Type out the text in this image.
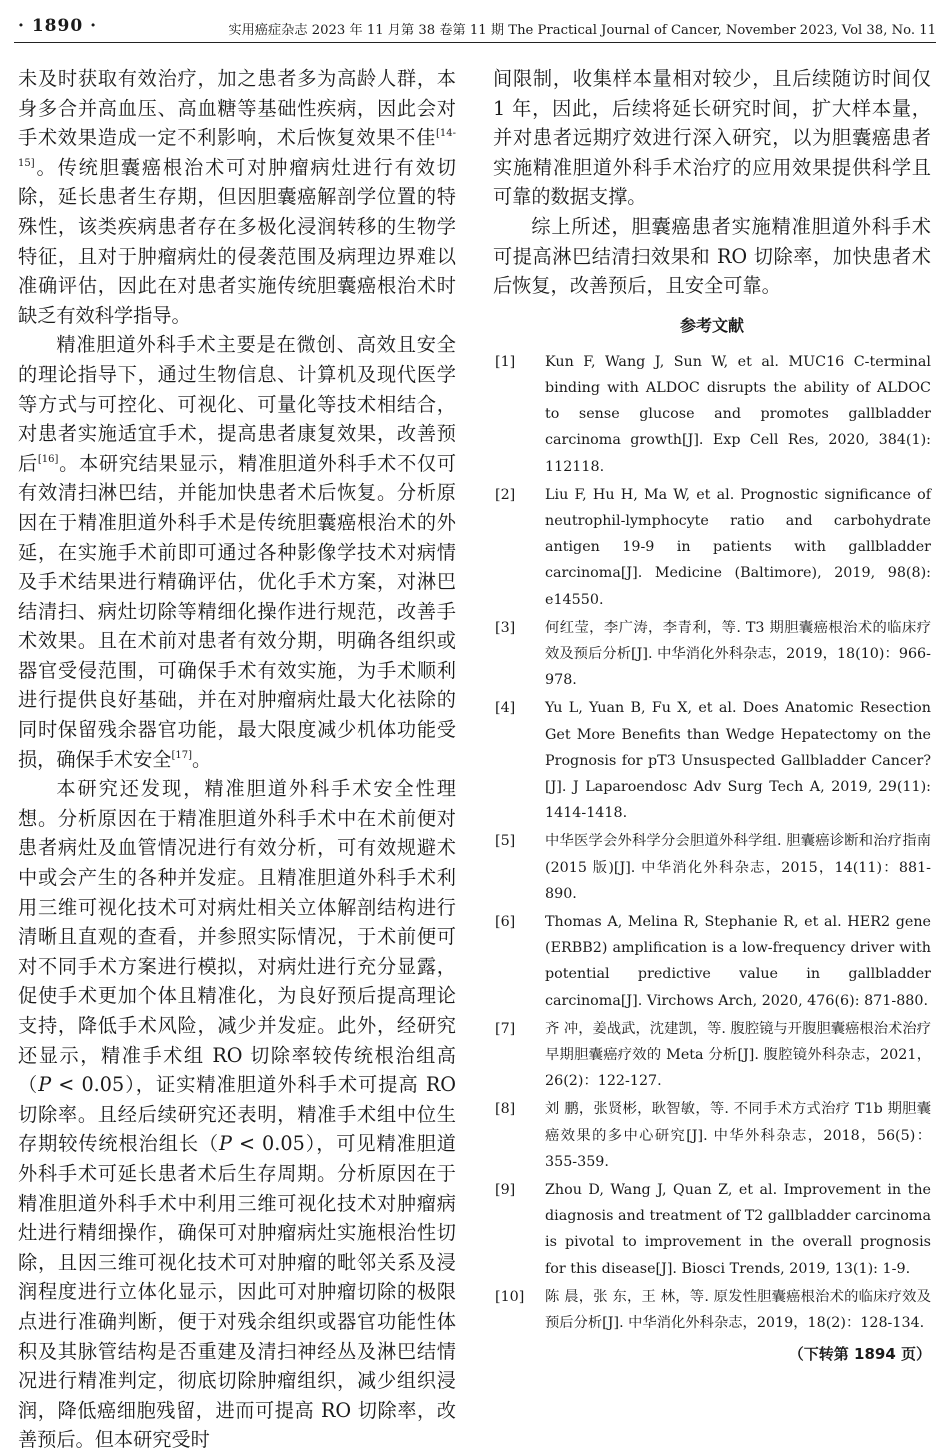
· 1890 ·	实用癌症杂志 2023 年 11 月第 38 卷第 11 期 The Practical Journal of Cancer, November 2023, Vol 38, No. 11

未及时获取有效治疗，加之患者多为高龄人群，本身多合并高血压、高血糖等基础性疾病，因此会对手术效果造成一定不利影响，术后恢复效果不佳[14-15]。传统胆囊癌根治术可对肿瘤病灶进行有效切除，延长患者生存期，但因胆囊癌解剖学位置的特殊性，该类疾病患者存在多极化浸润转移的生物学特征，且对于肿瘤病灶的侵袭范围及病理边界难以准确评估，因此在对患者实施传统胆囊癌根治术时缺乏有效科学指导。

精准胆道外科手术主要是在微创、高效且安全的理论指导下，通过生物信息、计算机及现代医学等方式与可控化、可视化、可量化等技术相结合，对患者实施适宜手术，提高患者康复效果，改善预后[16]。本研究结果显示，精准胆道外科手术不仅可有效清扫淋巴结，并能加快患者术后恢复。分析原因在于精准胆道外科手术是传统胆囊癌根治术的外延，在实施手术前即可通过各种影像学技术对病情及手术结果进行精确评估，优化手术方案，对淋巴结清扫、病灶切除等精细化操作进行规范，改善手术效果。且在术前对患者有效分期，明确各组织或器官受侵范围，可确保手术有效实施，为手术顺利进行提供良好基础，并在对肿瘤病灶最大化祛除的同时保留残余器官功能，最大限度减少机体功能受损，确保手术安全[17]。

本研究还发现，精准胆道外科手术安全性理想。分析原因在于精准胆道外科手术中在术前便对患者病灶及血管情况进行有效分析，可有效规避术中或会产生的各种并发症。且精准胆道外科手术利用三维可视化技术可对病灶相关立体解剖结构进行清晰且直观的查看，并参照实际情况，于术前便可对不同手术方案进行模拟，对病灶进行充分显露，促使手术更加个体且精准化，为良好预后提高理论支持，降低手术风险，减少并发症。此外，经研究还显示，精准手术组 RO 切除率较传统根治组高（P < 0.05），证实精准胆道外科手术可提高 RO 切除率。且经后续研究还表明，精准手术组中位生存期较传统根治组长（P < 0.05），可见精准胆道外科手术可延长患者术后生存周期。分析原因在于精准胆道外科手术中利用三维可视化技术对肿瘤病灶进行精细操作，确保可对肿瘤病灶实施根治性切除，且因三维可视化技术可对肿瘤的毗邻关系及浸润程度进行立体化显示，因此可对肿瘤切除的极限点进行准确判断，便于对残余组织或器官功能性体积及其脉管结构是否重建及清扫神经丛及淋巴结情况进行精准判定，彻底切除肿瘤组织，减少组织浸润，降低癌细胞残留，进而可提高 RO 切除率，改善预后。但本研究受时

间限制，收集样本量相对较少，且后续随访时间仅 1 年，因此，后续将延长研究时间，扩大样本量，并对患者远期疗效进行深入研究，以为胆囊癌患者实施精准胆道外科手术治疗的应用效果提供科学且可靠的数据支撑。

综上所述，胆囊癌患者实施精准胆道外科手术可提高淋巴结清扫效果和 RO 切除率，加快患者术后恢复，改善预后，且安全可靠。

参考文献
[1] Kun F, Wang J, Sun W, et al. MUC16 C-terminal binding with ALDOC disrupts the ability of ALDOC to sense glucose and promotes gallbladder carcinoma growth[J]. Exp Cell Res, 2020, 384(1): 112118.
[2] Liu F, Hu H, Ma W, et al. Prognostic significance of neutrophil-lymphocyte ratio and carbohydrate antigen 19-9 in patients with gallbladder carcinoma[J]. Medicine (Baltimore), 2019, 98(8): e14550.
[3] 何红莹，李广涛，李青利，等. T3 期胆囊癌根治术的临床疗效及预后分析[J]. 中华消化外科杂志，2019，18(10)：966-978.
[4] Yu L, Yuan B, Fu X, et al. Does Anatomic Resection Get More Benefits than Wedge Hepatectomy on the Prognosis for pT3 Unsuspected Gallbladder Cancer?[J]. J Laparoendosc Adv Surg Tech A, 2019, 29(11): 1414-1418.
[5] 中华医学会外科学分会胆道外科学组. 胆囊癌诊断和治疗指南(2015 版)[J]. 中华消化外科杂志，2015，14(11)：881-890.
[6] Thomas A, Melina R, Stephanie R, et al. HER2 gene (ERBB2) amplification is a low-frequency driver with potential predictive value in gallbladder carcinoma[J]. Virchows Arch, 2020, 476(6): 871-880.
[7] 齐 冲，姜战武，沈建凯，等. 腹腔镜与开腹胆囊癌根治术治疗早期胆囊癌疗效的 Meta 分析[J]. 腹腔镜外科杂志，2021，26(2)：122-127.
[8] 刘 鹏，张贤彬，耿智敏，等. 不同手术方式治疗 T1b 期胆囊癌效果的多中心研究[J]. 中华外科杂志，2018，56(5)：355-359.
[9] Zhou D, Wang J, Quan Z, et al. Improvement in the diagnosis and treatment of T2 gallbladder carcinoma is pivotal to improvement in the overall prognosis for this disease[J]. Biosci Trends, 2019, 13(1): 1-9.
[10] 陈 晨，张 东，王 林，等. 原发性胆囊癌根治术的临床疗效及预后分析[J]. 中华消化外科杂志，2019，18(2)：128-134.
（下转第 1894 页）
